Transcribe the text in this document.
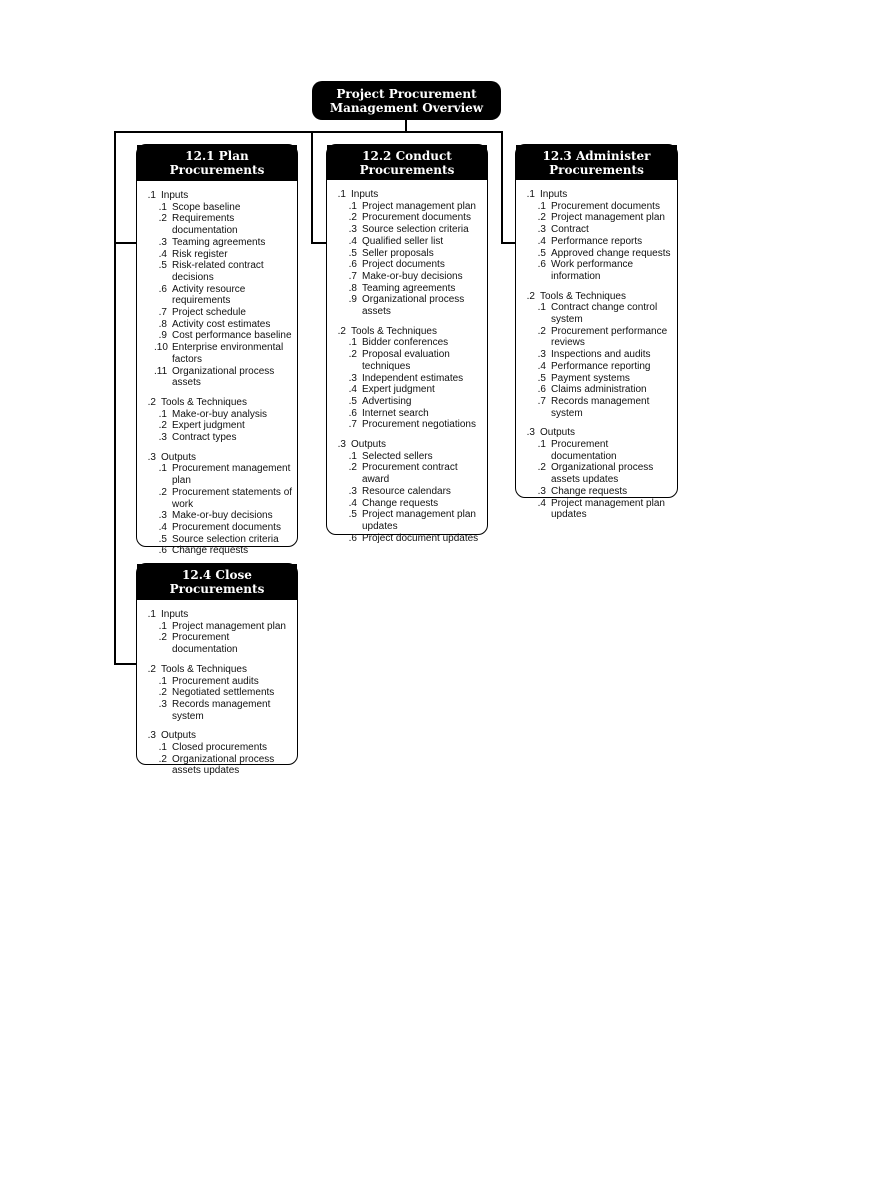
Project Procurement
Management Overview
12.1 Plan Procurements
.1 Inputs
.1 Scope baseline
.2 Requirements documentation
.3 Teaming agreements
.4 Risk register
.5 Risk-related contract decisions
.6 Activity resource requirements
.7 Project schedule
.8 Activity cost estimates
.9 Cost performance baseline
.10 Enterprise environmental factors
.11 Organizational process assets
.2 Tools & Techniques
.1 Make-or-buy analysis
.2 Expert judgment
.3 Contract types
.3 Outputs
.1 Procurement management plan
.2 Procurement statements of work
.3 Make-or-buy decisions
.4 Procurement documents
.5 Source selection criteria
.6 Change requests
12.2 Conduct
Procurements
.1 Inputs
.1 Project management plan
.2 Procurement documents
.3 Source selection criteria
.4 Qualified seller list
.5 Seller proposals
.6 Project documents
.7 Make-or-buy decisions
.8 Teaming agreements
.9 Organizational process assets
.2 Tools & Techniques
.1 Bidder conferences
.2 Proposal evaluation techniques
.3 Independent estimates
.4 Expert judgment
.5 Advertising
.6 Internet search
.7 Procurement negotiations
.3 Outputs
.1 Selected sellers
.2 Procurement contract award
.3 Resource calendars
.4 Change requests
.5 Project management plan updates
.6 Project document updates
12.3 Administer
Procurements
.1 Inputs
.1 Procurement documents
.2 Project management plan
.3 Contract
.4 Performance reports
.5 Approved change requests
.6 Work performance information
.2 Tools & Techniques
.1 Contract change control system
.2 Procurement performance reviews
.3 Inspections and audits
.4 Performance reporting
.5 Payment systems
.6 Claims administration
.7 Records management system
.3 Outputs
.1 Procurement documentation
.2 Organizational process assets updates
.3 Change requests
.4 Project management plan updates
12.4 Close Procurements
.1 Inputs
.1 Project management plan
.2 Procurement documentation
.2 Tools & Techniques
.1 Procurement audits
.2 Negotiated settlements
.3 Records management system
.3 Outputs
.1 Closed procurements
.2 Organizational process assets updates
